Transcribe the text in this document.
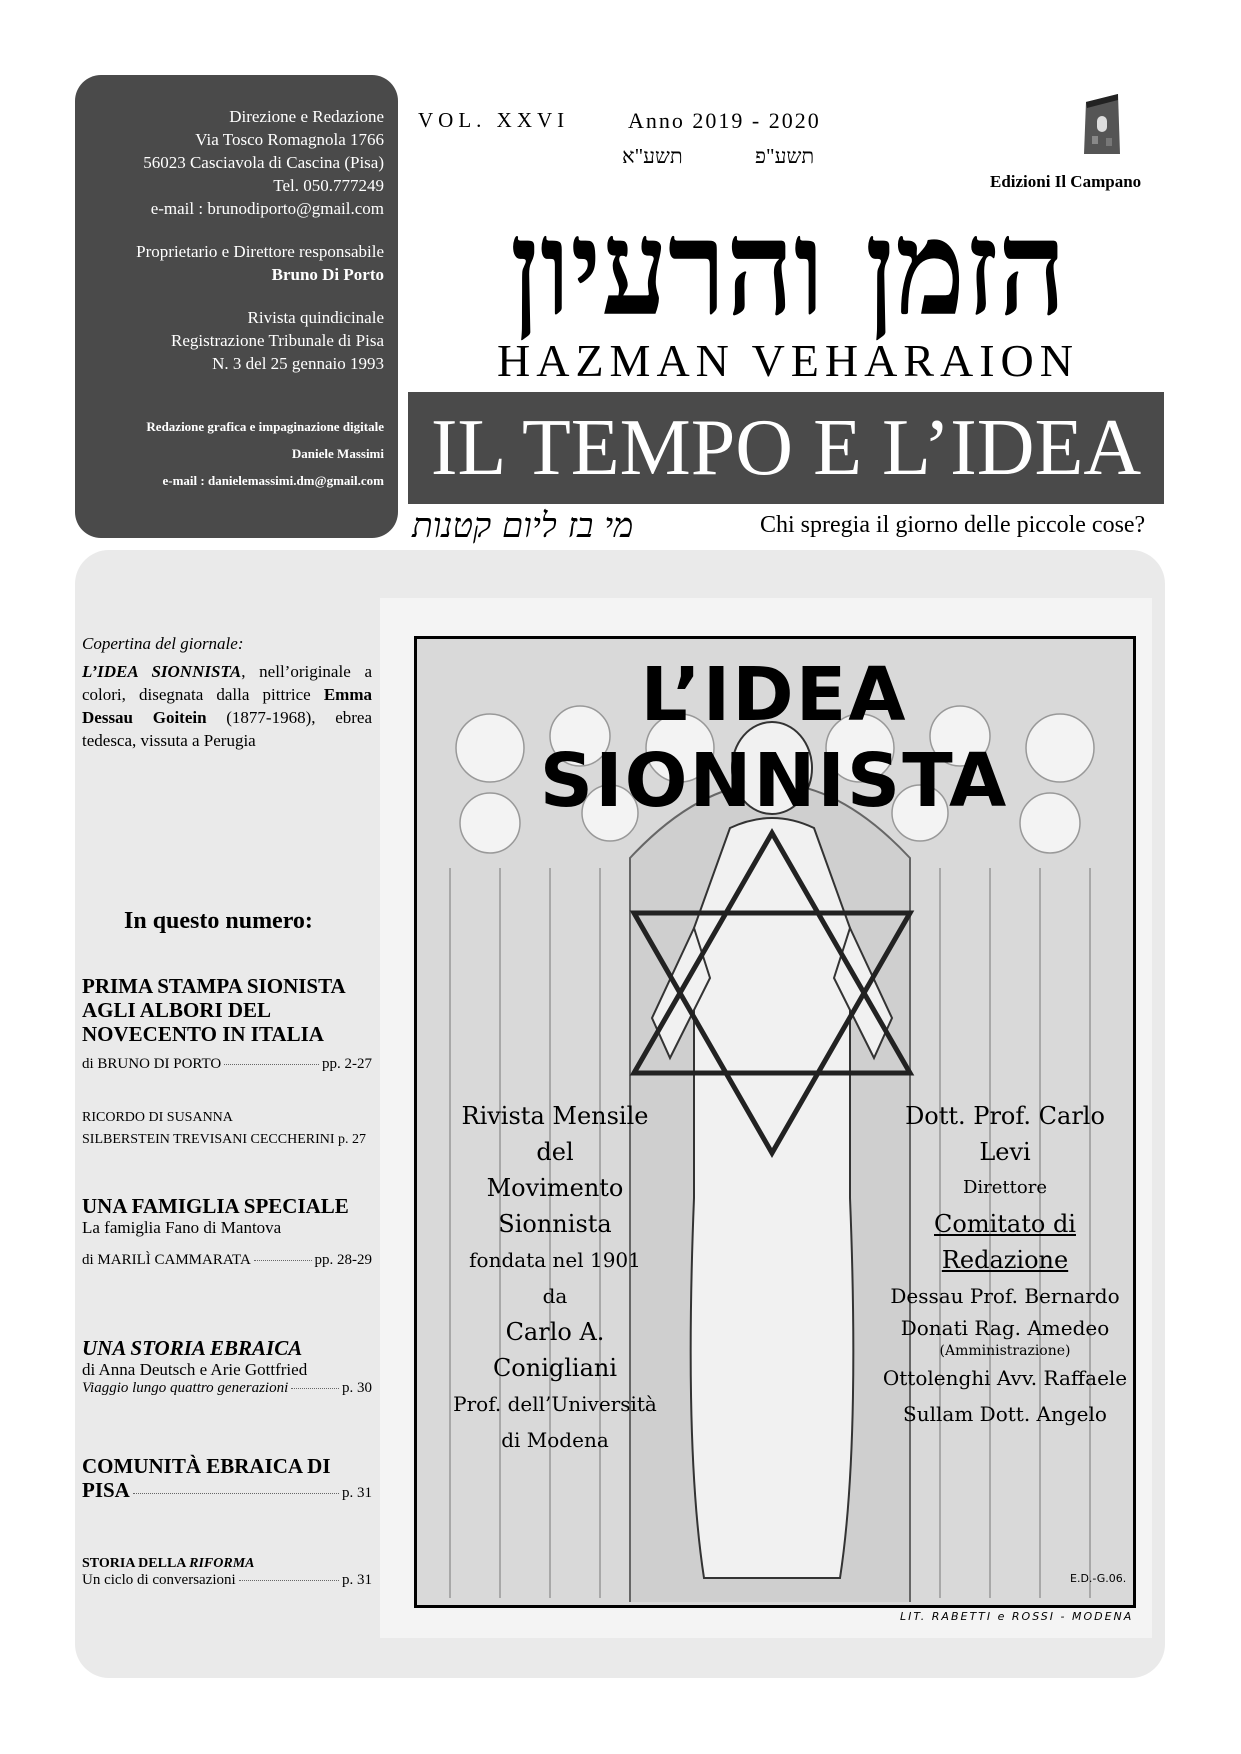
Direzione e Redazione
Via Tosco Romagnola 1766
56023 Casciavola di Cascina (Pisa)
Tel. 050.777249
e-mail : brunodiporto@gmail.com
Proprietario e Direttore responsabile
Bruno Di Porto
Rivista quindicinale
Registrazione Tribunale di Pisa
N. 3 del 25 gennaio 1993
Redazione grafica e impaginazione digitale
Daniele Massimi
e-mail : danielemassimi.dm@gmail.com
VOL. XXVI	Anno 2019 - 2020
תשע"א	תשע"פ
Edizioni Il Campano
הזמן והרעיון
HAZMAN VEHARAION
IL TEMPO E L’IDEA
מי בז ליום קטנות	Chi spregia il giorno delle piccole cose?
Copertina del giornale:
L’IDEA SIONNISTA, nell’originale a colori, disegnata dalla pittrice Emma Dessau Goitein (1877-1968), ebrea tedesca, vissuta a Perugia
In questo numero:
PRIMA STAMPA SIONISTA AGLI ALBORI DEL NOVECENTO IN ITALIA
di BRUNO DI PORTO	pp. 2-27
RICORDO DI SUSANNA
SILBERSTEIN TREVISANI CECCHERINI
p. 27
UNA FAMIGLIA SPECIALE
La famiglia Fano di Mantova
di MARILÌ CAMMARATA	pp. 28-29
UNA STORIA EBRAICA
di Anna Deutsch e Arie Gottfried
Viaggio lungo quattro generazioni	p. 30
COMUNITÀ EBRAICA DI
PISA	p. 31
STORIA DELLA RIFORMA
Un ciclo di conversazioni	p. 31
L’IDEA SIONNISTA
Rivista Mensile
del
Movimento Sionnista
fondata nel 1901
da
Carlo A. Conigliani
Prof. dell’Università
di Modena
Dott. Prof. Carlo Levi
Direttore
Comitato di Redazione
Dessau Prof. Bernardo
Donati Rag. Amedeo
(Amministrazione)
Ottolenghi Avv. Raffaele
Sullam Dott. Angelo
E.D.-G.06.
LIT. RABETTI e ROSSI - MODENA
